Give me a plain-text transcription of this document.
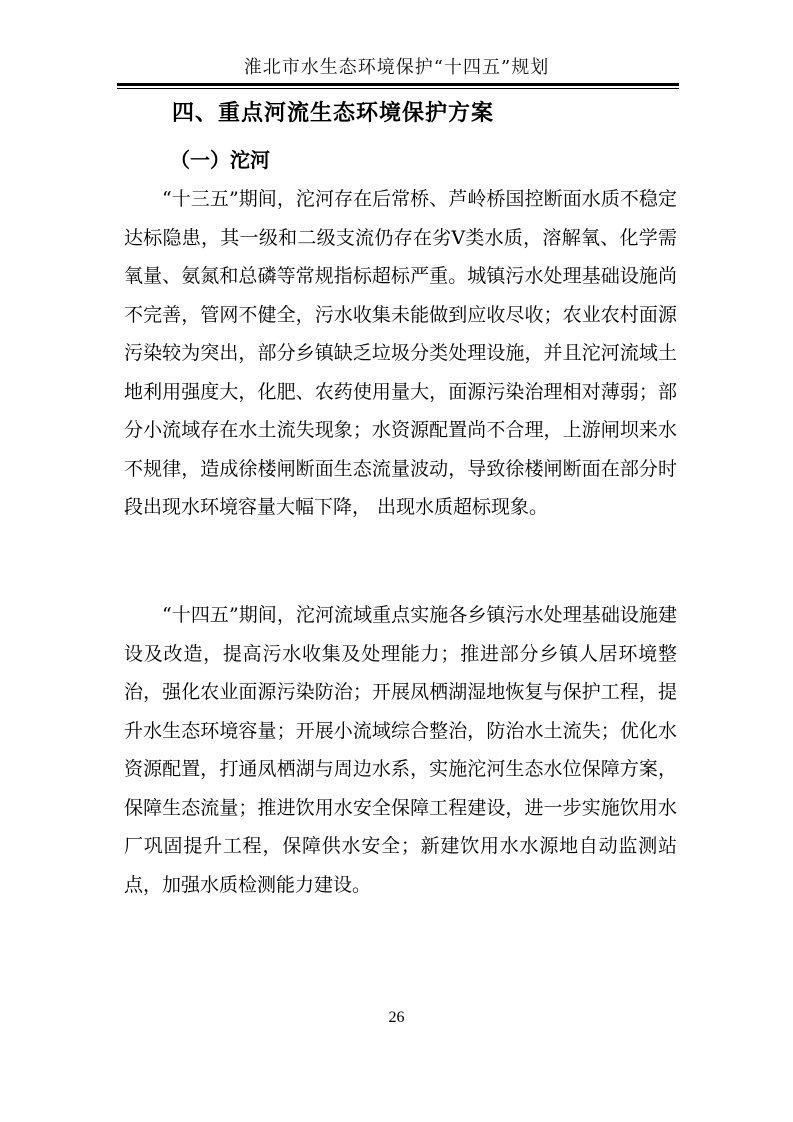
淮北市水生态环境保护“十四五”规划
四、重点河流生态环境保护方案
（一）沱河

“十三五”期间，沱河存在后常桥、芦岭桥国控断面水质不稳定达标隐患，其一级和二级支流仍存在劣V类水质，溶解氧、化学需氧量、氨氮和总磷等常规指标超标严重。城镇污水处理基础设施尚不完善，管网不健全，污水收集未能做到应收尽收；农业农村面源污染较为突出，部分乡镇缺乏垃圾分类处理设施，并且沱河流域土地利用强度大，化肥、农药使用量大，面源污染治理相对薄弱；部分小流域存在水土流失现象；水资源配置尚不合理，上游闸坝来水不规律，造成徐楼闸断面生态流量波动，导致徐楼闸断面在部分时段出现水环境容量大幅下降， 出现水质超标现象。

“十四五”期间，沱河流域重点实施各乡镇污水处理基础设施建设及改造，提高污水收集及处理能力；推进部分乡镇人居环境整治，强化农业面源污染防治；开展凤栖湖湿地恢复与保护工程，提升水生态环境容量；开展小流域综合整治，防治水土流失；优化水资源配置，打通凤栖湖与周边水系，实施沱河生态水位保障方案，保障生态流量；推进饮用水安全保障工程建设，进一步实施饮用水厂巩固提升工程，保障供水安全；新建饮用水水源地自动监测站点，加强水质检测能力建设。

26
